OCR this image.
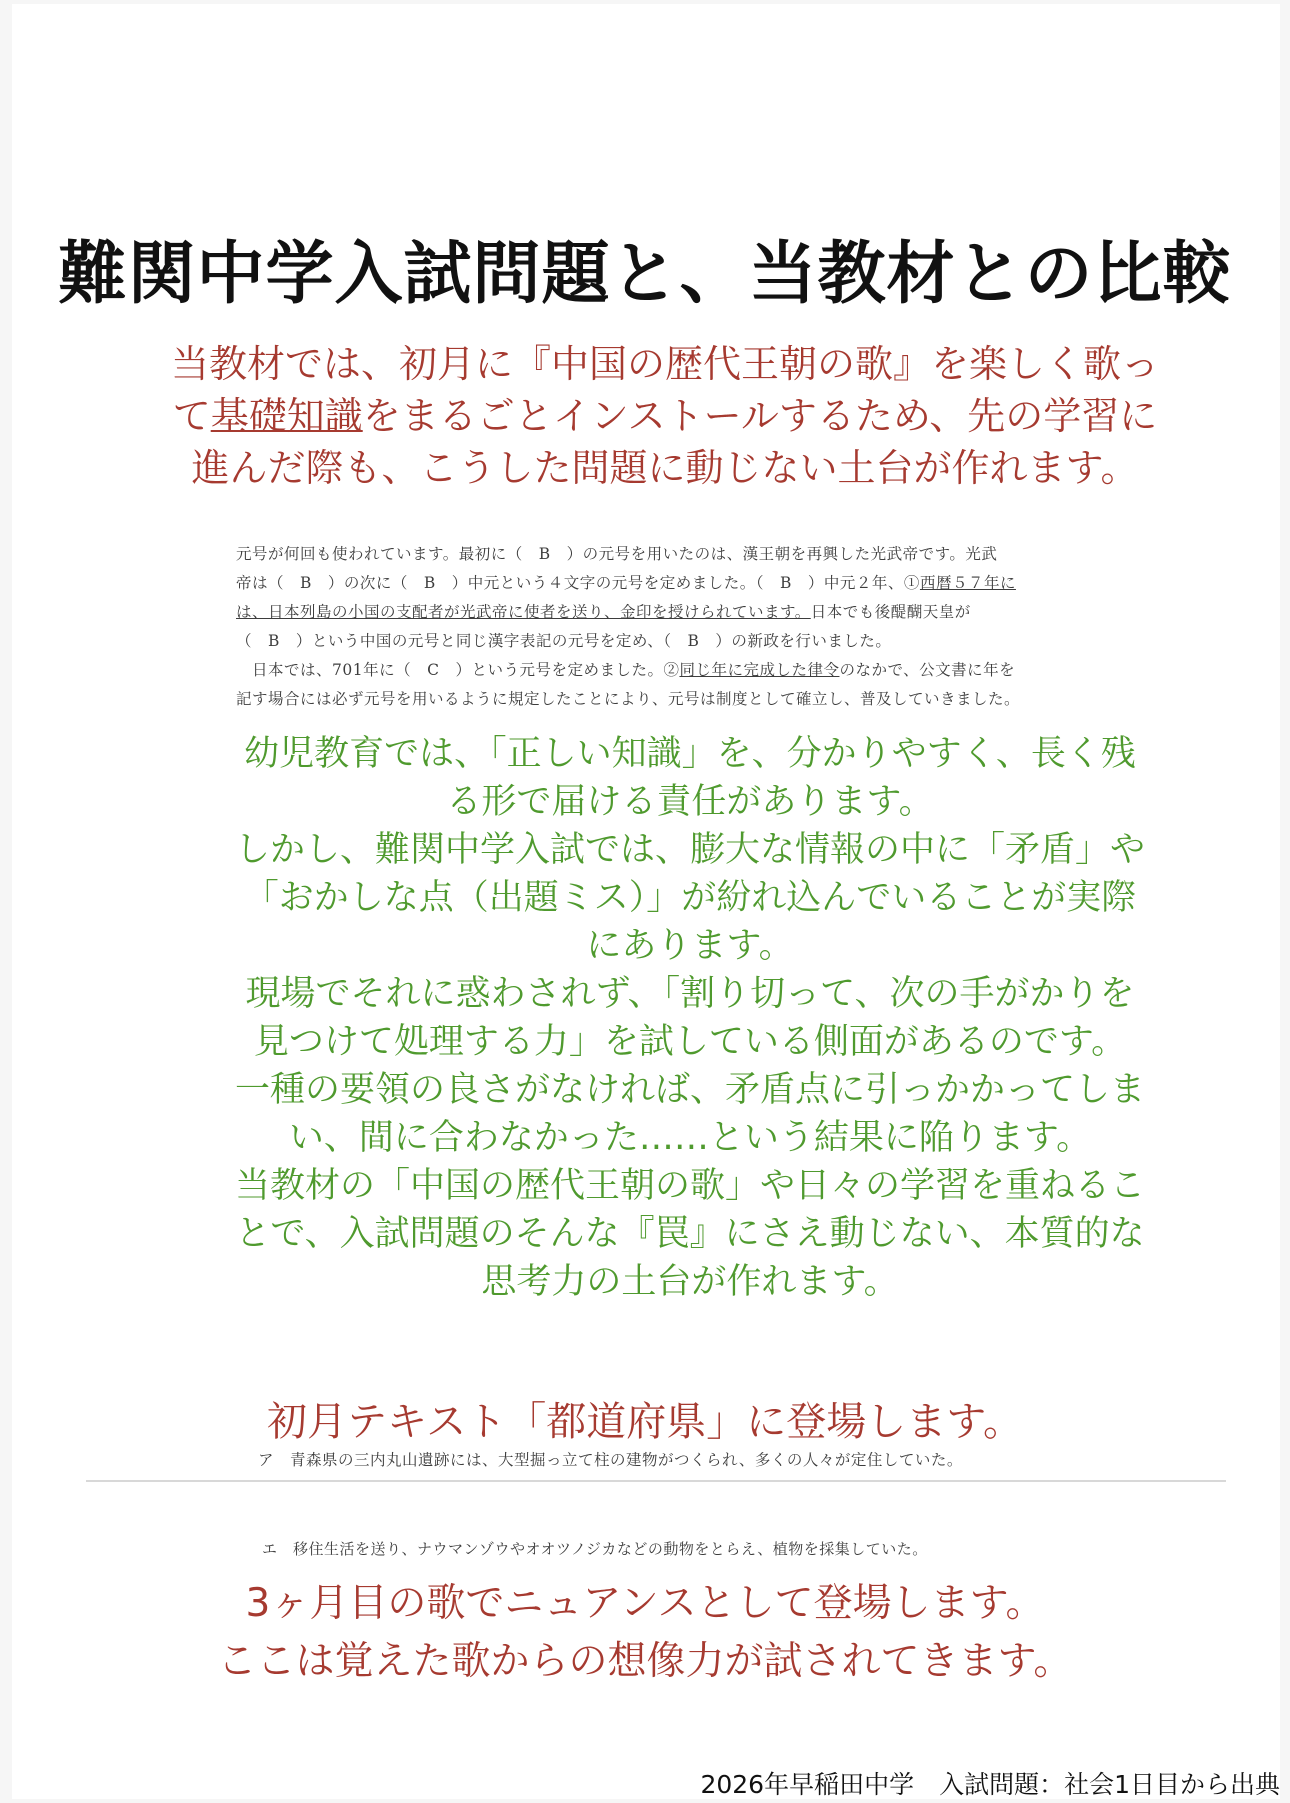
難関中学入試問題と、当教材との比較
当教材では、初月に『中国の歴代王朝の歌』を楽しく歌っ
て基礎知識をまるごとインストールするため、先の学習に
進んだ際も、こうした問題に動じない土台が作れます。
元号が何回も使われています。最初に（　B　）の元号を用いたのは、漢王朝を再興した光武帝です。光武
帝は（　B　）の次に（　B　）中元という４文字の元号を定めました。（　B　）中元２年、①西暦５７年に
は、日本列島の小国の支配者が光武帝に使者を送り、金印を授けられています。日本でも後醍醐天皇が
（　B　）という中国の元号と同じ漢字表記の元号を定め、（　B　）の新政を行いました。
　日本では、701年に（　C　）という元号を定めました。②同じ年に完成した律令のなかで、公文書に年を
記す場合には必ず元号を用いるように規定したことにより、元号は制度として確立し、普及していきました。
幼児教育では、「正しい知識」を、分かりやすく、長く残
る形で届ける責任があります。
しかし、難関中学入試では、膨大な情報の中に「矛盾」や
「おかしな点（出題ミス）」が紛れ込んでいることが実際
にあります。
現場でそれに惑わされず、「割り切って、次の手がかりを
見つけて処理する力」を試している側面があるのです。
一種の要領の良さがなければ、矛盾点に引っかかってしま
い、間に合わなかった……という結果に陥ります。
当教材の「中国の歴代王朝の歌」や日々の学習を重ねるこ
とで、入試問題のそんな『罠』にさえ動じない、本質的な
思考力の土台が作れます。
初月テキスト「都道府県」に登場します。
ア　青森県の三内丸山遺跡には、大型掘っ立て柱の建物がつくられ、多くの人々が定住していた。
エ　移住生活を送り、ナウマンゾウやオオツノジカなどの動物をとらえ、植物を採集していた。
3ヶ月目の歌でニュアンスとして登場します。
ここは覚えた歌からの想像力が試されてきます。
2026年早稲田中学　入試問題：社会1日目から出典
